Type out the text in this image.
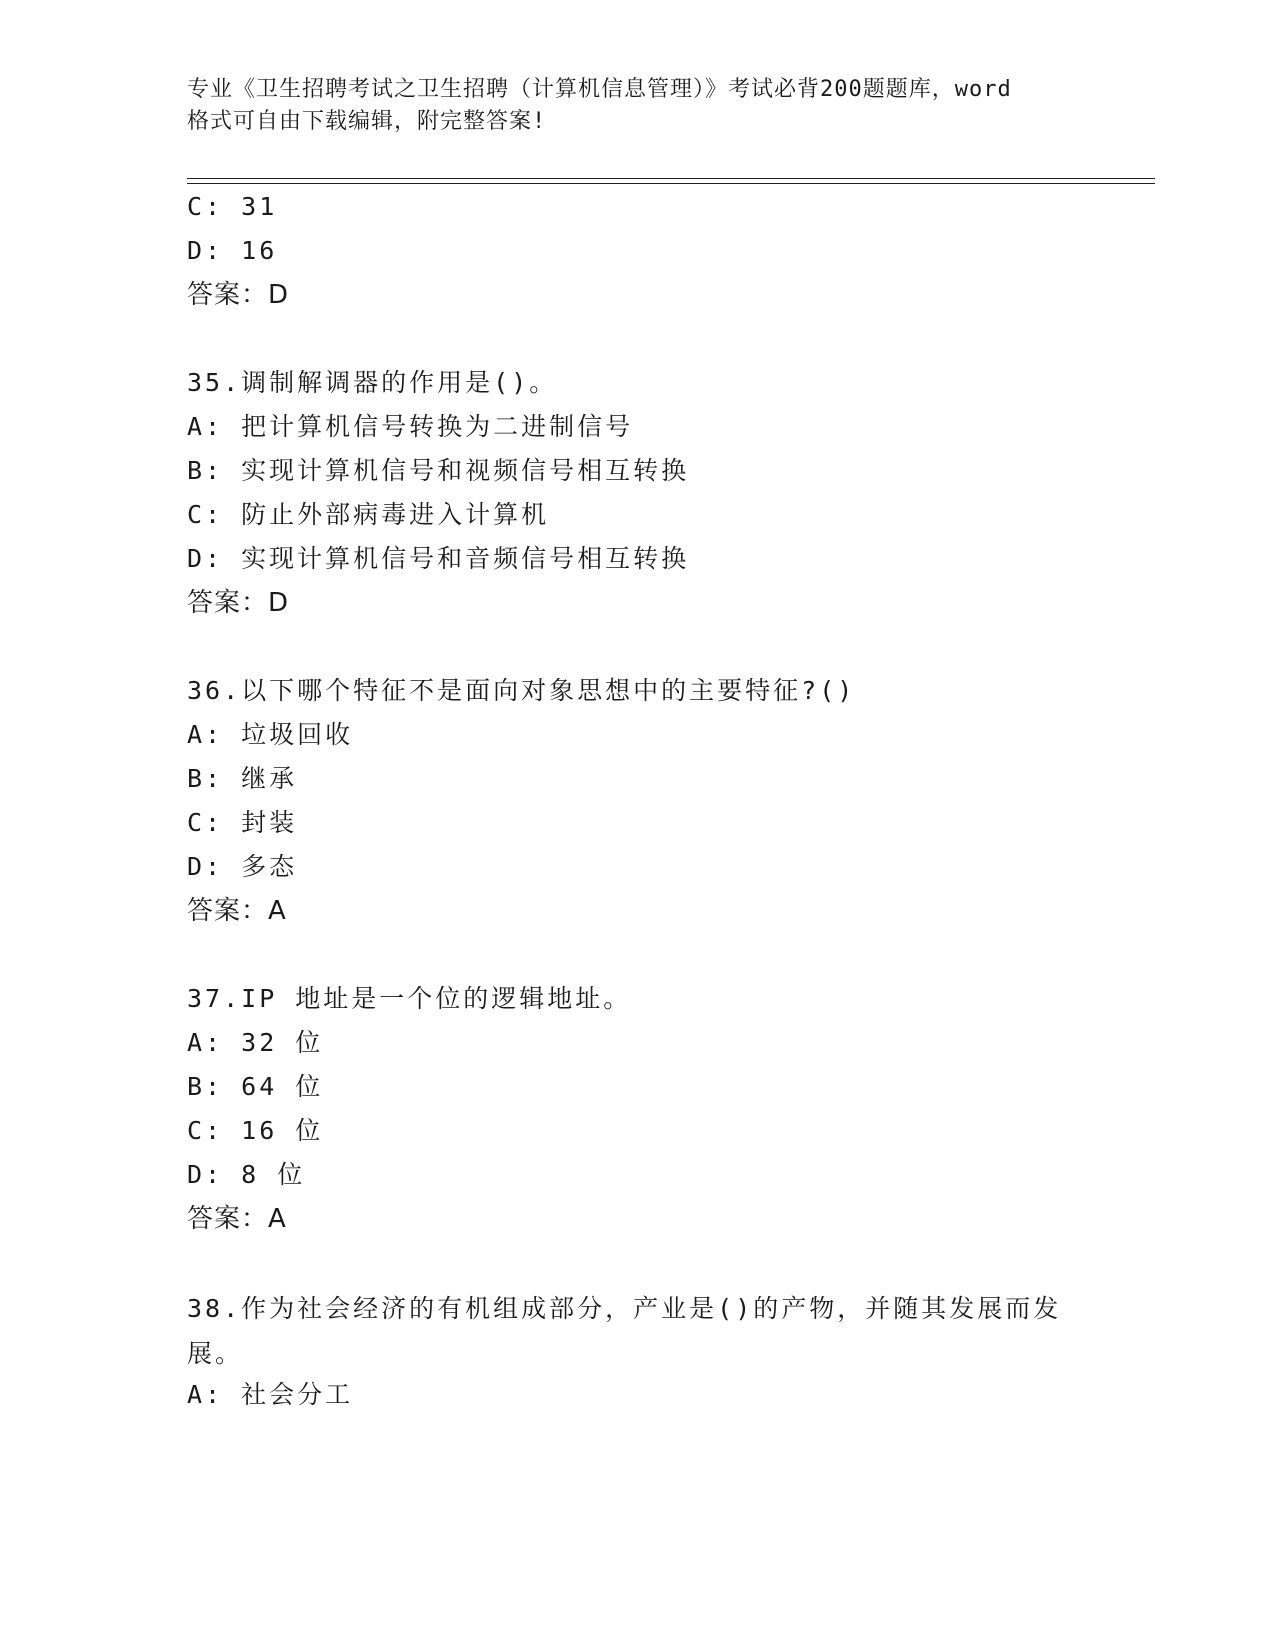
专业《卫生招聘考试之卫生招聘（计算机信息管理）》考试必背200题题库，word
格式可自由下载编辑，附完整答案!
C: 31
D: 16
答案：D
35.调制解调器的作用是()。
A: 把计算机信号转换为二进制信号
B: 实现计算机信号和视频信号相互转换
C: 防止外部病毒进入计算机
D: 实现计算机信号和音频信号相互转换
答案：D
36.以下哪个特征不是面向对象思想中的主要特征?()
A: 垃圾回收
B: 继承
C: 封装
D: 多态
答案：A
37.IP 地址是一个位的逻辑地址。
A: 32 位
B: 64 位
C: 16 位
D: 8 位
答案：A
38.作为社会经济的有机组成部分，产业是()的产物，并随其发展而发展。
A: 社会分工
